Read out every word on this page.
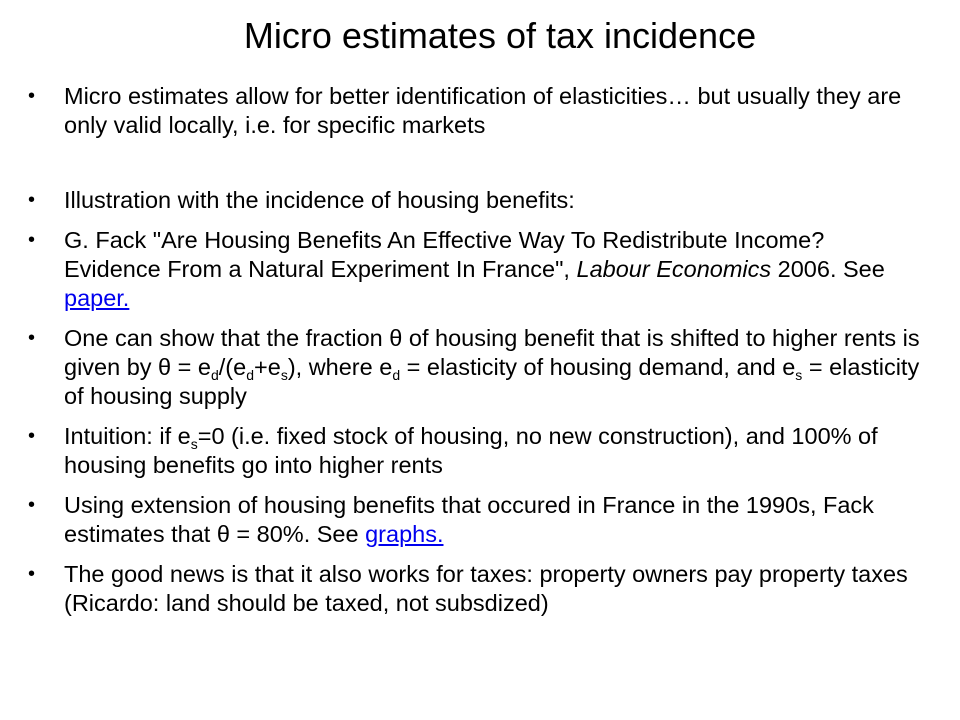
Micro estimates of tax incidence
• Micro estimates allow for better identification of elasticities… but usually they are only valid locally, i.e. for specific markets
• Illustration with the incidence of housing benefits:
• G. Fack "Are Housing Benefits An Effective Way To Redistribute Income? Evidence From a Natural Experiment In France", Labour Economics 2006. See paper.
• One can show that the fraction θ of housing benefit that is shifted to higher rents is given by $\theta = e_d/(e_d+e_s)$, where $e_d$ = elasticity of housing demand, and $e_s$ = elasticity of housing supply
• Intuition: if $e_s=0$ (i.e. fixed stock of housing, no new construction), and 100% of housing benefits go into higher rents
• Using extension of housing benefits that occured in France in the 1990s, Fack estimates that θ = 80%. See graphs.
• The good news is that it also works for taxes: property owners pay property taxes    (Ricardo: land should be taxed, not subsdized)
